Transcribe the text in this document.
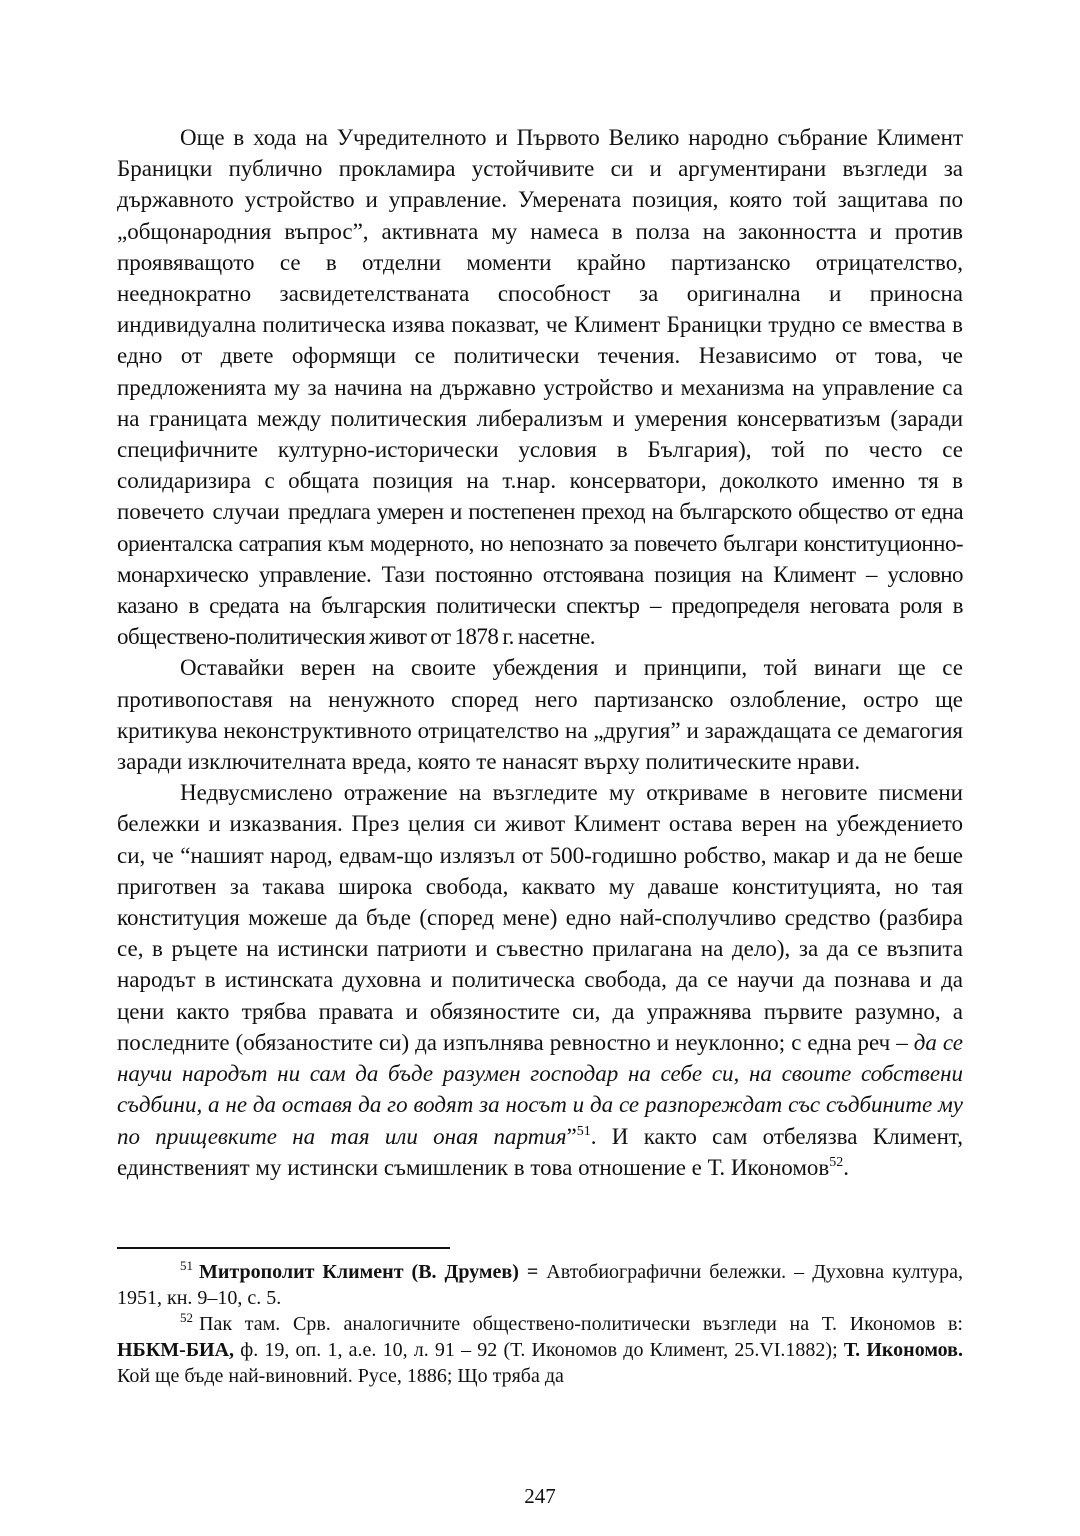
Още в хода на Учредителното и Първото Велико народно събрание Климент Браницки публично прокламира устойчивите си и аргументирани възгледи за държавното устройство и управление. Умерената позиция, която той защитава по „общонародния въпрос”, активната му намеса в полза на законността и против проявяващото се в отделни моменти крайно партизанско отрицателство, нееднократно засвидетелстваната способност за оригинална и приносна индивидуална политическа изява показват, че Климент Браницки трудно се вмества в едно от двете оформящи се политически течения. Независимо от това, че предложенията му за начина на държавно устройство и механизма на управление са на границата между политическия либерализъм и умерения консерватизъм (заради специфичните културно-исторически условия в България), той по често се солидаризира с общата позиция на т.нар. консерватори, доколкото именно тя в повечето случаи предлага умерен и постепенен преход на българското общество от една ориенталска сатрапия към модерното, но непознато за повечето българи конституционно-монархическо управление. Тази постоянно отстоявана позиция на Климент – условно казано в средата на българския политически спектър – предопределя неговата роля в обществено-политическия живот от 1878 г. насетне.

Оставайки верен на своите убеждения и принципи, той винаги ще се противопоставя на ненужното според него партизанско озлобление, остро ще критикува неконструктивното отрицателство на „другия” и зараждащата се демагогия заради изключителната вреда, която те нанасят върху политическите нрави.

Недвусмислено отражение на възгледите му откриваме в неговите писмени бележки и изказвания. През целия си живот Климент остава верен на убеждението си, че “нашият народ, едвам-що излязъл от 500-годишно робство, макар и да не беше приготвен за такава широка свобода, каквато му даваше конституцията, но тая конституция можеше да бъде (според мене) едно най-сполучливо средство (разбира се, в ръцете на истински патриоти и съвестно прилагана на дело), за да се възпита народът в истинската духовна и политическа свобода, да се научи да познава и да цени както трябва правата и обязяностите си, да упражнява първите разумно, а последните (обязаностите си) да изпълнява ревностно и неуклонно; с една реч – да се научи народът ни сам да бъде разумен господар на себе си, на своите собствени съдбини, а не да оставя да го водят за носът и да се разпореждат със съдбините му по прищевките на тая или оная партия”$^{51}$. И както сам отбелязва Климент, единственият му истински съмишленик в това отношение е Т. Икономов$^{52}$.

$^{51}$ Митрополит Климент (В. Друмев) = Автобиографични бележки. – Духовна култура, 1951, кн. 9–10, с. 5.

$^{52}$ Пак там. Срв. аналогичните обществено-политически възгледи на Т. Икономов в: НБКМ-БИА, ф. 19, оп. 1, а.е. 10, л. 91 – 92 (Т. Икономов до Климент, 25.VI.1882); Т. Икономов. Кой ще бъде най-виновний. Русе, 1886; Що тряба да

247
